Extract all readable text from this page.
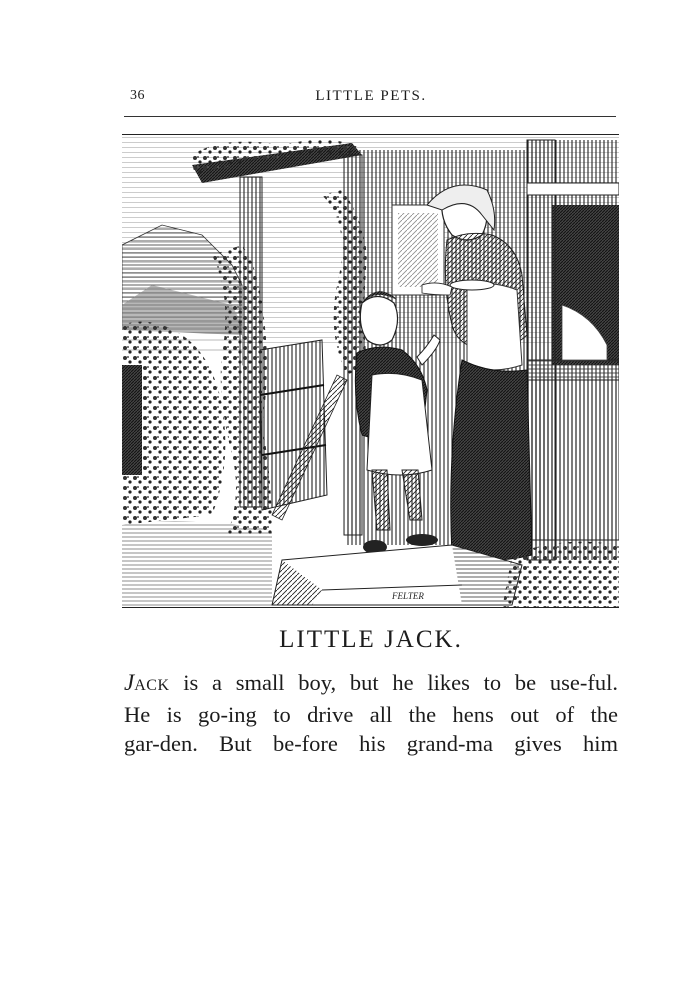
36	LITTLE PETS.
FELTER
LITTLE JACK.

JACK is a small boy, but he likes to be use-ful.
He is go-ing to drive all the hens out of the
gar-den. But be-fore his grand-ma gives him
